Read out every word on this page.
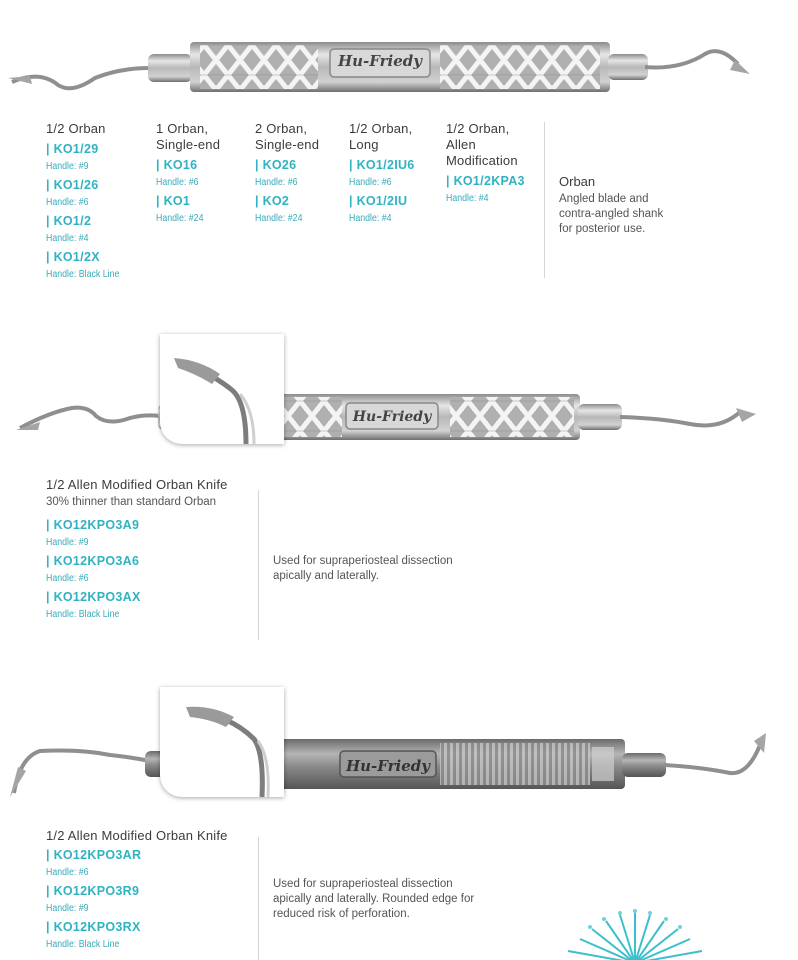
Hu-Friedy
1/2 Orban
| KO1/29
Handle: #9
| KO1/26
Handle: #6
| KO1/2
Handle: #4
| KO1/2X
Handle: Black Line
1 Orban,
Single-end
| KO16
Handle: #6
| KO1
Handle: #24
2 Orban,
Single-end
| KO26
Handle: #6
| KO2
Handle: #24
1/2 Orban,
Long
| KO1/2IU6
Handle: #6
| KO1/2IU
Handle: #4
1/2 Orban,
Allen
Modification
| KO1/2KPA3
Handle: #4
Orban
Angled blade and
contra-angled shank
for posterior use.
Hu-Friedy
1/2 Allen Modified Orban Knife
30% thinner than standard Orban
| KO12KPO3A9
Handle: #9
| KO12KPO3A6
Handle: #6
| KO12KPO3AX
Handle: Black Line
Used for supraperiosteal dissection
apically and laterally.
Hu-Friedy
1/2 Allen Modified Orban Knife
| KO12KPO3AR
Handle: #6
| KO12KPO3R9
Handle: #9
| KO12KPO3RX
Handle: Black Line
Used for supraperiosteal dissection
apically and laterally. Rounded edge for
reduced risk of perforation.
